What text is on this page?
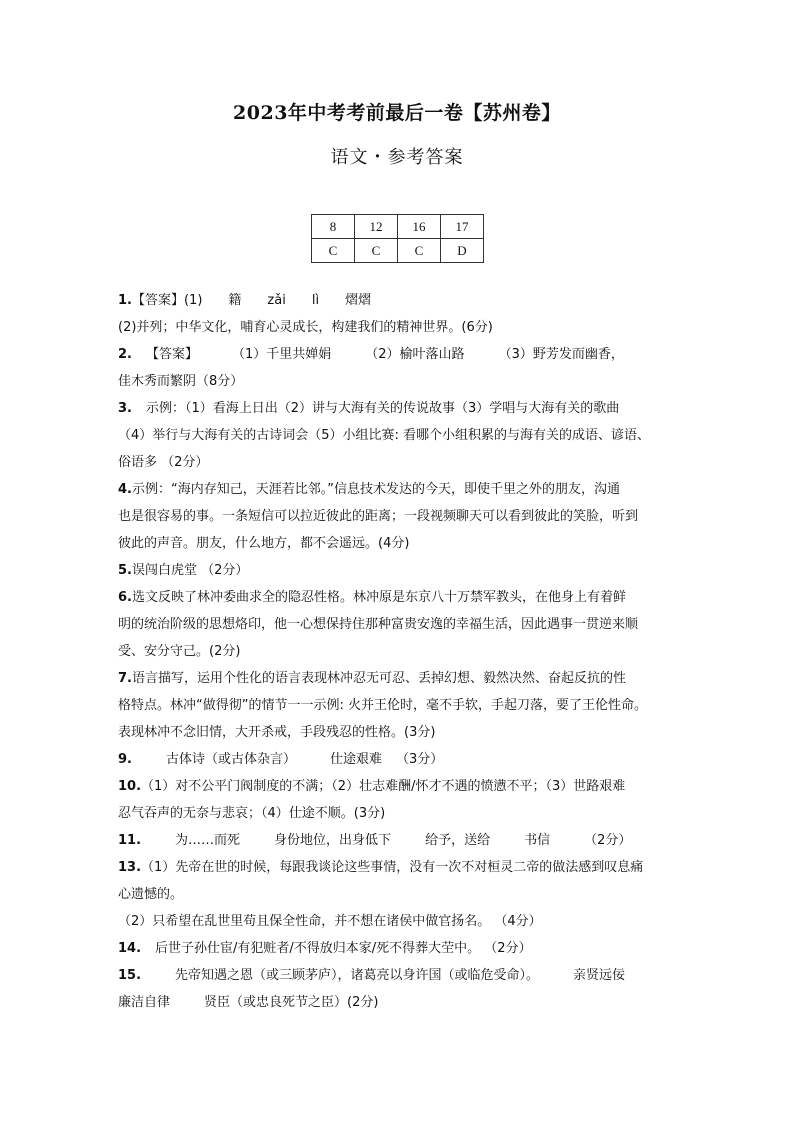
2023年中考考前最后一卷【苏州卷】
语文・参考答案
8	12	16	17
C	C	C	D
1.【答案】(1) 籍 zǎi lì 熠熠
(2)并列；中华文化，哺育心灵成长，构建我们的精神世界。(6分)
2. 【答案】	（1）千里共婵娟	（2）榆叶落山路	（3）野芳发而幽香，
佳木秀而繁阴（8分）
3. 示例：（1）看海上日出（2）讲与大海有关的传说故事（3）学唱与大海有关的歌曲
（4）举行与大海有关的古诗词会（5）小组比赛: 看哪个小组积累的与海有关的成语、谚语、
俗语多 （2分）
4.示例：“海内存知己，天涯若比邻。”信息技术发达的今天，即使千里之外的朋友，沟通
也是很容易的事。一条短信可以拉近彼此的距离；一段视频聊天可以看到彼此的笑脸，听到
彼此的声音。朋友，什么地方，都不会遥远。(4分)
5.误闯白虎堂 （2分）
6.选文反映了林冲委曲求全的隐忍性格。林冲原是东京八十万禁军教头，在他身上有着鲜
明的统治阶级的思想烙印，他一心想保持住那种富贵安逸的幸福生活，因此遇事一贯逆来顺
受、安分守己。(2分)
7.语言描写，运用个性化的语言表现林冲忍无可忍、丢掉幻想、毅然决然、奋起反抗的性
格特点。林冲“做得彻”的情节一一示例: 火并王伦时，毫不手软，手起刀落，要了王伦性命。
表现林冲不念旧情，大开杀戒，手段残忍的性格。(3分)
9.	古体诗（或古体杂言）	仕途艰难 （3分）
10.（1）对不公平门阀制度的不满；（2）壮志难酬/怀才不遇的愤懑不平；（3）世路艰难
忍气吞声的无奈与悲哀；（4）仕途不顺。(3分)
11.	为……而死	身份地位，出身低下	给予，送给	书信	（2分）
13.（1）先帝在世的时候，每跟我谈论这些事情，没有一次不对桓灵二帝的做法感到叹息痛
心遗憾的。
（2）只希望在乱世里苟且保全性命，并不想在诸侯中做官扬名。 （4分）
14. 后世子孙仕宦/有犯赃者/不得放归本家/死不得葬大茔中。 （2分）
15.	先帝知遇之恩（或三顾茅庐），诸葛亮以身许国（或临危受命）。	亲贤远佞
廉洁自律	贤臣（或忠良死节之臣）(2分)
